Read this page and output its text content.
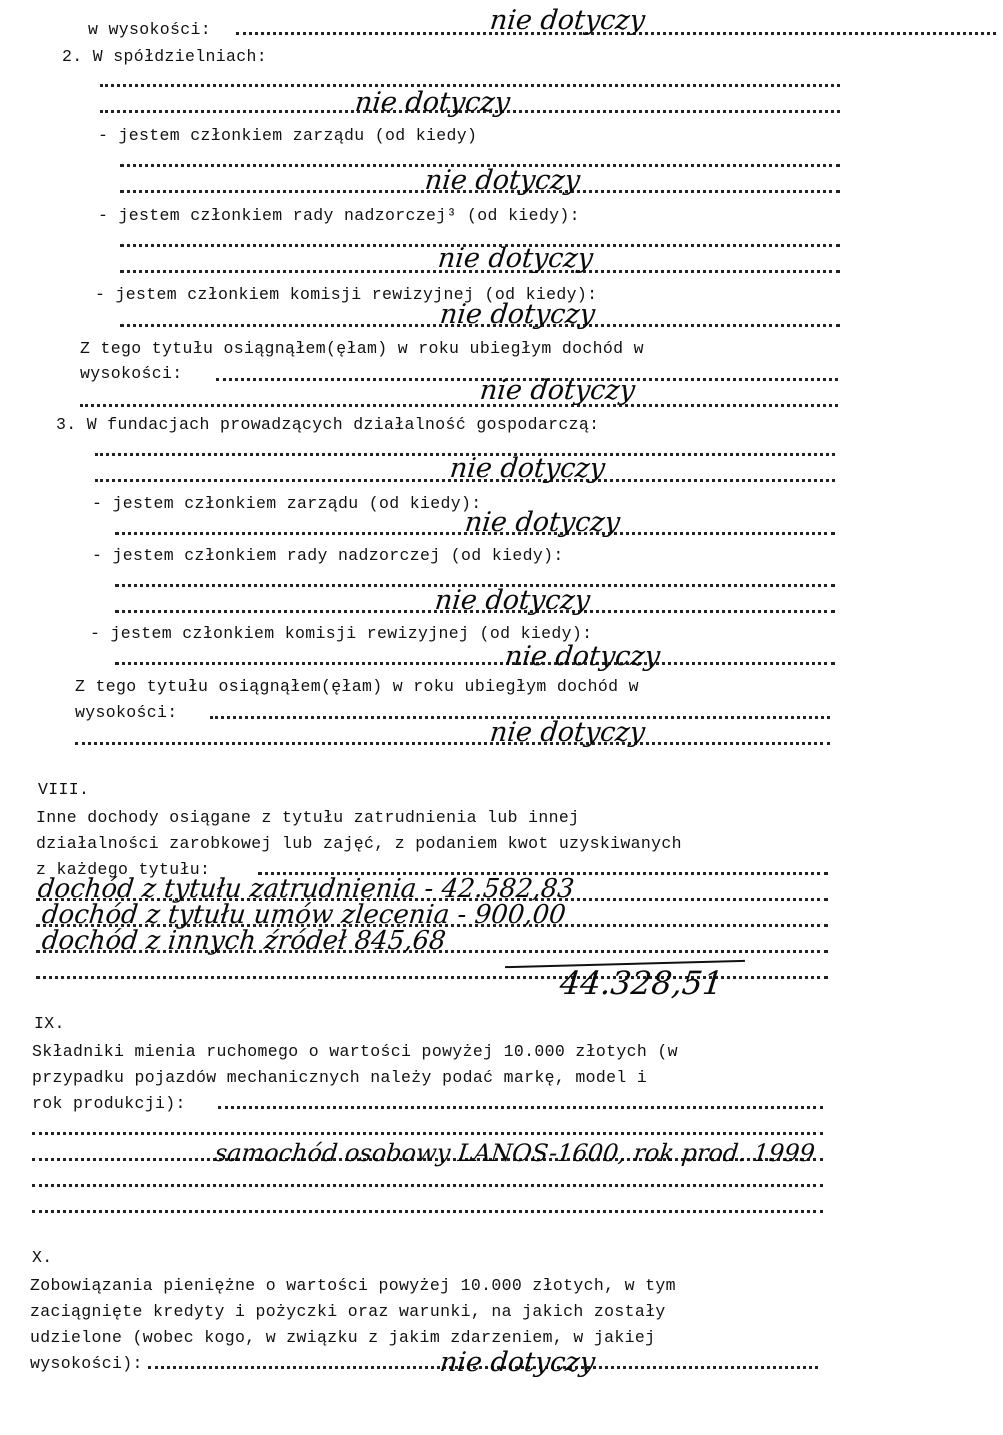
w wysokości:	nie dotyczy
2. W spółdzielniach:
nie dotyczy
- jestem członkiem zarządu (od kiedy)
nie dotyczy
- jestem członkiem rady nadzorczej³ (od kiedy):
nie dotyczy
- jestem członkiem komisji rewizyjnej (od kiedy):
nie dotyczy
Z tego tytułu osiągnąłem(ęłam) w roku ubiegłym dochód w
wysokości:
nie dotyczy
3. W fundacjach prowadzących działalność gospodarczą:
nie dotyczy
- jestem członkiem zarządu (od kiedy):
nie dotyczy
- jestem członkiem rady nadzorczej (od kiedy):
nie dotyczy
- jestem członkiem komisji rewizyjnej (od kiedy):
nie dotyczy
Z tego tytułu osiągnąłem(ęłam) w roku ubiegłym dochód w
wysokości:
nie dotyczy
VIII.
Inne dochody osiągane z tytułu zatrudnienia lub innej
działalności zarobkowej lub zajęć, z podaniem kwot uzyskiwanych
z każdego tytułu:
dochód z tytułu zatrudnienia - 42.582,83
dochód z tytułu umów zlecenia - 900,00
dochód z innych źródeł 845,68
44.328,51
IX.
Składniki mienia ruchomego o wartości powyżej 10.000 złotych (w
przypadku pojazdów mechanicznych należy podać markę, model i
rok produkcji):
samochód osobowy LANOS-1600, rok prod. 1999
X.
Zobowiązania pieniężne o wartości powyżej 10.000 złotych, w tym
zaciągnięte kredyty i pożyczki oraz warunki, na jakich zostały
udzielone (wobec kogo, w związku z jakim zdarzeniem, w jakiej
wysokości):	nie dotyczy
